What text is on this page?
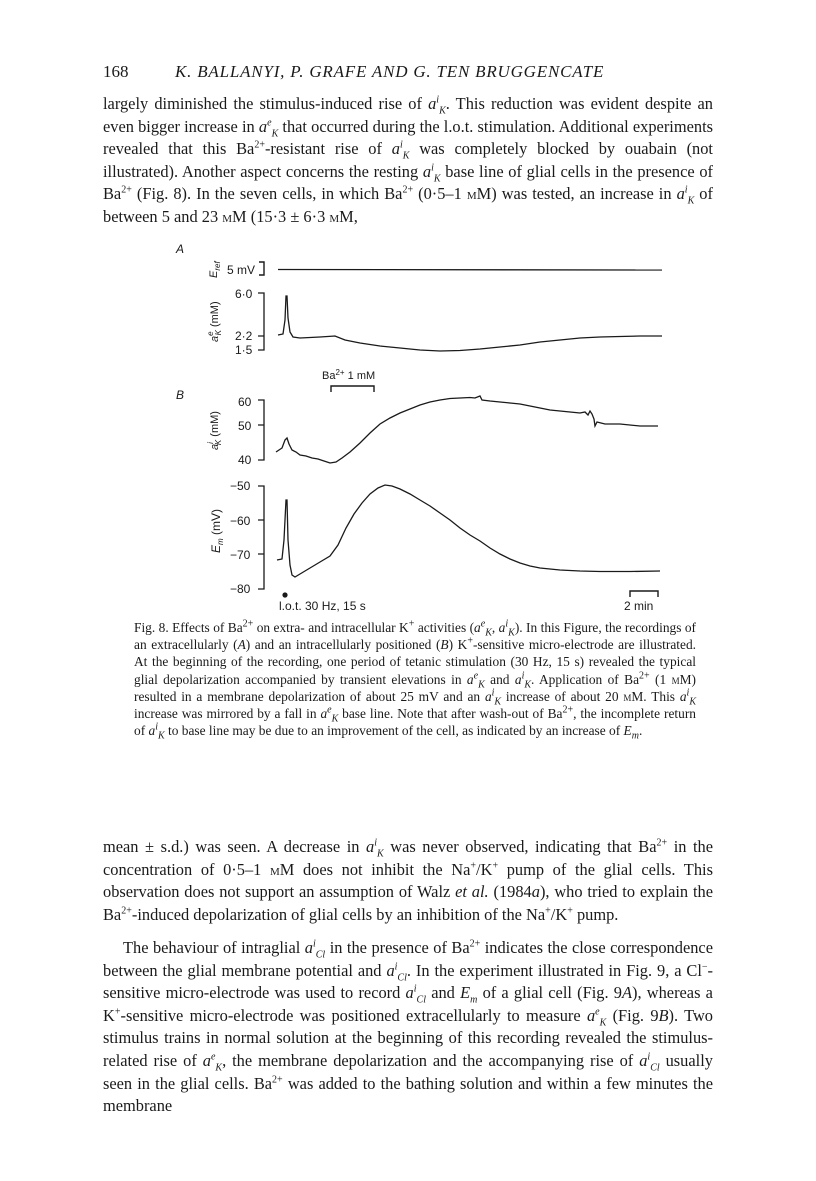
168	K. BALLANYI, P. GRAFE AND G. TEN BRUGGENCATE

largely diminished the stimulus-induced rise of $a^i_K$. This reduction was evident despite an even bigger increase in $a^e_K$ that occurred during the l.o.t. stimulation. Additional experiments revealed that this $Ba^{2+}$-resistant rise of $a^i_K$ was completely blocked by ouabain (not illustrated). Another aspect concerns the resting $a^i_K$ base line of glial cells in the presence of $Ba^{2+}$ (Fig. 8). In the seven cells, in which $Ba^{2+}$ (0·5–1 mM) was tested, an increase in $a^i_K$ of between 5 and 23 mM (15·3 ± 6·3 mM,

A
$E_{ref}$ 5 mV
$a^eK$ (mM)
6·0
2·2
1·5
$Ba^{2+}$ 1 mM
B
$a^iK$ (mM)
60
50
40
$E_m$ (mV)
−50
−60
−70
−80
l.o.t. 30 Hz, 15 s	2 min

Fig. 8. Effects of $Ba^{2+}$ on extra- and intracellular K+ activities ($a^e_K$, $a^i_K$). In this Figure, the recordings of an extracellularly (A) and an intracellularly positioned (B) K+-sensitive micro-electrode are illustrated. At the beginning of the recording, one period of tetanic stimulation (30 Hz, 15 s) revealed the typical glial depolarization accompanied by transient elevations in $a^e_K$ and $a^i_K$. Application of $Ba^{2+}$ (1 mM) resulted in a membrane depolarization of about 25 mV and an $a^i_K$ increase of about 20 mM. This $a^i_K$ increase was mirrored by a fall in $a^e_K$ base line. Note that after wash-out of $Ba^{2+}$, the incomplete return of $a^i_K$ to base line may be due to an improvement of the cell, as indicated by an increase of $E_m$.

mean ± s.d.) was seen. A decrease in $a^i_K$ was never observed, indicating that $Ba^{2+}$ in the concentration of 0·5–1 mM does not inhibit the Na+/K+ pump of the glial cells. This observation does not support an assumption of Walz et al. (1984a), who tried to explain the $Ba^{2+}$-induced depolarization of glial cells by an inhibition of the Na+/K+ pump.

The behaviour of intraglial $a^i_{Cl}$ in the presence of $Ba^{2+}$ indicates the close correspondence between the glial membrane potential and $a^i_{Cl}$. In the experiment illustrated in Fig. 9, a Cl−-sensitive micro-electrode was used to record $a^i_{Cl}$ and $E_m$ of a glial cell (Fig. 9A), whereas a K+-sensitive micro-electrode was positioned extracellularly to measure $a^e_K$ (Fig. 9B). Two stimulus trains in normal solution at the beginning of this recording revealed the stimulus-related rise of $a^e_K$, the membrane depolarization and the accompanying rise of $a^i_{Cl}$ usually seen in the glial cells. $Ba^{2+}$ was added to the bathing solution and within a few minutes the membrane
